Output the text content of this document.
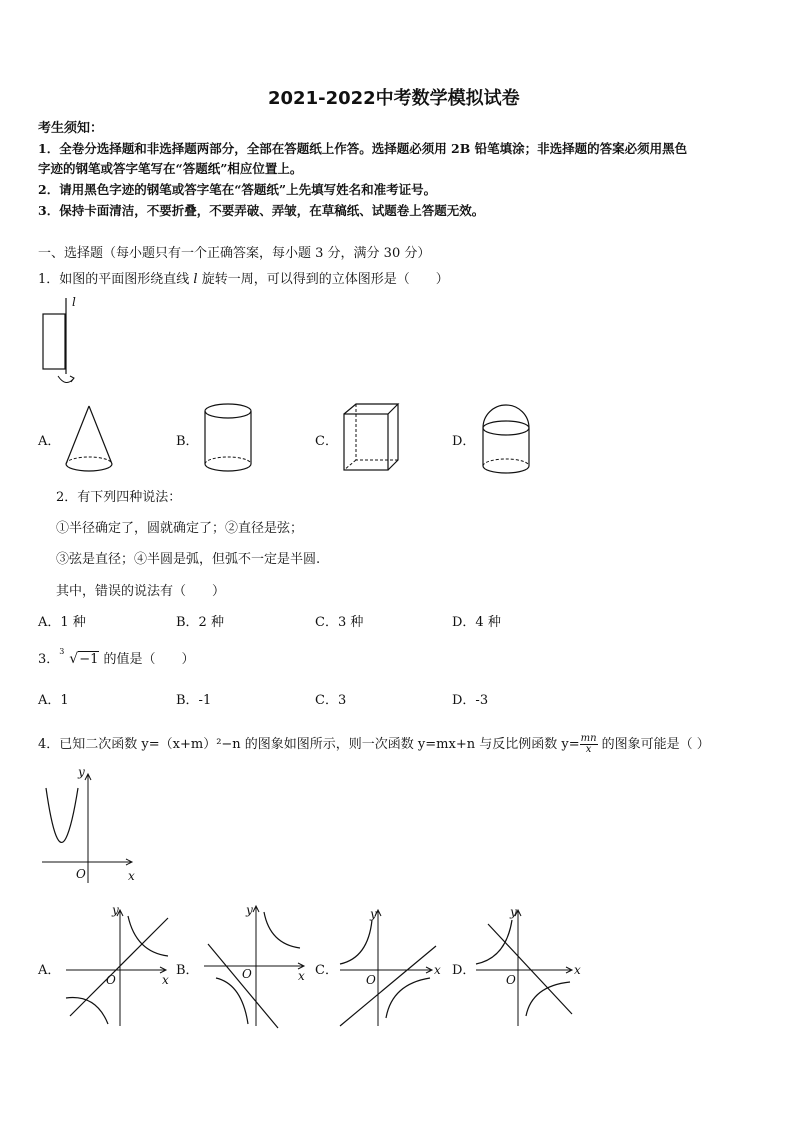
2021-2022中考数学模拟试卷
考生须知：
1．全卷分选择题和非选择题两部分，全部在答题纸上作答。选择题必须用 2B 铅笔填涂；非选择题的答案必须用黑色
字迹的钢笔或答字笔写在“答题纸”相应位置上。
2．请用黑色字迹的钢笔或答字笔在“答题纸”上先填写姓名和准考证号。
3．保持卡面清洁，不要折叠，不要弄破、弄皱，在草稿纸、试题卷上答题无效。
一、选择题（每小题只有一个正确答案，每小题 3 分，满分 30 分）
1．如图的平面图形绕直线 l 旋转一周，可以得到的立体图形是（　　）
l
A．	B．	C．	D．
2．有下列四种说法：
①半径确定了，圆就确定了；②直径是弦；
③弦是直径；④半圆是弧，但弧不一定是半圆.
其中，错误的说法有（　　）
A．1 种	B．2 种	C．3 种	D．4 种
3．
3 √−1 的值是（　　）
A．1	B．-1	C．3	D．-3
4．已知二次函数 y=（x+m）²−n 的图象如图所示，则一次函数 y=mx+n 与反比例函数 $y= \frac{mn}{x}$ 的图象可能是（ ）
y
x
O
A．
y
x
O
B．
y
x
O	C．
y
x
O
D．
y
x
O
